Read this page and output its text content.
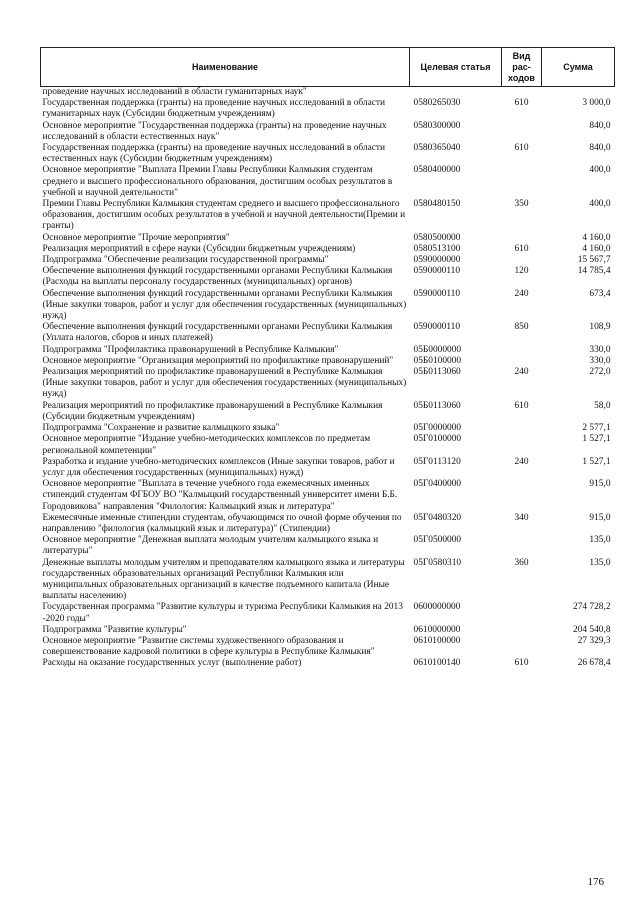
Наименование	Целевая статья	Вид рас-ходов	Сумма
проведение научных исследований в области гуманитарных наук"			
Государственная поддержка (гранты) на проведение научных исследований в области гуманитарных наук (Субсидии бюджетным учреждениям)	0580265030	610	3 000,0
Основное мероприятие "Государственная поддержка (гранты) на проведение научных исследований в области естественных наук"	0580300000		840,0
Государственная поддержка (гранты) на проведение научных исследований в области естественных наук (Субсидии бюджетным учреждениям)	0580365040	610	840,0
Основное мероприятие "Выплата Премии Главы Республики Калмыкия студентам среднего и высшего профессионального образования, достигшим особых результатов в учебной и научной деятельности"	0580400000		400,0
Премии Главы Республики Калмыкия студентам среднего и высшего профессионального образования, достигшим особых результатов в учебной и научной деятельности(Премии и гранты)	0580480150	350	400,0
Основное мероприятие "Прочие мероприятия"	0580500000		4 160,0
Реализация мероприятий в сфере науки (Субсидии бюджетным учреждениям)	0580513100	610	4 160,0
Подпрограмма "Обеспечение реализации государственной программы"	0590000000		15 567,7
Обеспечение выполнения функций государственными органами Республики Калмыкия (Расходы на выплаты персоналу государственных (муниципальных) органов)	0590000110	120	14 785,4
Обеспечение выполнения функций государственными органами Республики Калмыкия (Иные закупки товаров, работ и услуг для обеспечения государственных (муниципальных) нужд)	0590000110	240	673,4
Обеспечение выполнения функций государственными органами Республики Калмыкия (Уплата налогов, сборов и иных платежей)	0590000110	850	108,9
Подпрограмма "Профилактика правонарушений в Республике Калмыкия"	05Б0000000		330,0
Основное мероприятие "Организация мероприятий по профилактике правонарушений"	05Б0100000		330,0
Реализация мероприятий по профилактике правонарушений в Республике Калмыкия (Иные закупки товаров, работ и услуг для обеспечения государственных (муниципальных) нужд)	05Б0113060	240	272,0
Реализация мероприятий по профилактике правонарушений в Республике Калмыкия (Субсидии бюджетным учреждениям)	05Б0113060	610	58,0
Подпрограмма "Сохранение и развитие калмыцкого языка"	05Г0000000		2 577,1
Основное мероприятие "Издание учебно-методических комплексов по предметам региональной компетенции"	05Г0100000		1 527,1
Разработка и издание учебно-методических комплексов (Иные закупки товаров, работ и услуг для обеспечения государственных (муниципальных) нужд)	05Г0113120	240	1 527,1
Основное мероприятие "Выплата в течение учебного года ежемесячных именных стипендий студентам ФГБОУ ВО "Калмыцкий государственный университет имени Б.Б. Городовикова" направления "Филология: Калмыцкий язык и литература"	05Г0400000		915,0
Ежемесячные именные стипендии студентам, обучающимся по очной форме обучения по направлению "филология (калмыцкий язык и литература)" (Стипендии)	05Г0480320	340	915,0
Основное мероприятие "Денежная выплата молодым учителям калмыцкого языка и литературы"	05Г0500000		135,0
Денежные выплаты молодым учителям и преподавателям калмыцкого языка и литературы государственных образовательных организаций Республики Калмыкия или муниципальных образовательных организаций в качестве подъемного капитала (Иные выплаты населению)	05Г0580310	360	135,0
Государственная программа "Развитие культуры и туризма Республики Калмыкия на 2013 -2020 годы"	0600000000		274 728,2
Подпрограмма "Развитие культуры"	0610000000		204 540,8
Основное мероприятие "Развитие системы художественного образования и совершенствование кадровой политики в сфере культуры в Республике Калмыкия"	0610100000		27 329,3
Расходы на оказание государственных услуг (выполнение работ)	0610100140	610	26 678,4
176
